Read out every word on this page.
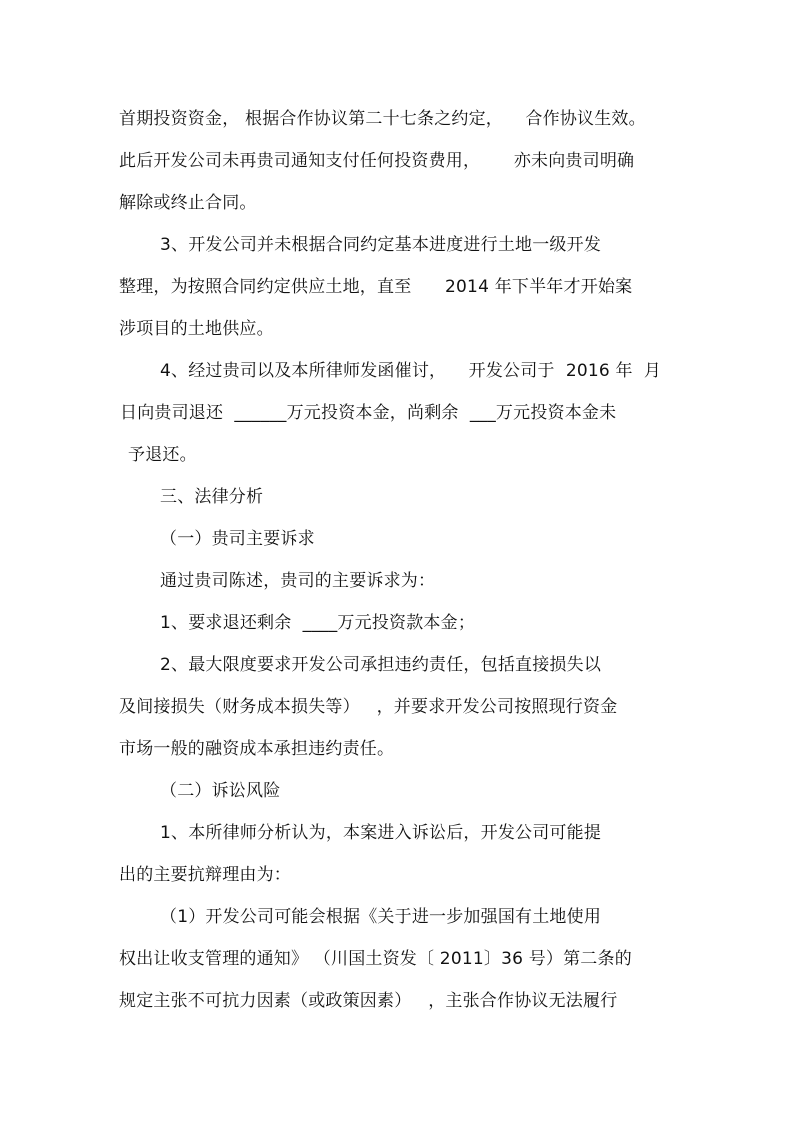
首期投资资金， 根据合作协议第二十七条之约定，    合作协议生效。
此后开发公司未再贵司通知支付任何投资费用，      亦未向贵司明确
解除或终止合同。
3、开发公司并未根据合同约定基本进度进行土地一级开发
整理，为按照合同约定供应土地，直至      2014 年下半年才开始案
涉项目的土地供应。
4、经过贵司以及本所律师发函催讨，    开发公司于  2016 年  月
日向贵司退还  ______万元投资本金，尚剩余  ___万元投资本金未
予退还。
三、法律分析
（一）贵司主要诉求
通过贵司陈述，贵司的主要诉求为：
1、要求退还剩余  ____万元投资款本金；
2、最大限度要求开发公司承担违约责任，包括直接损失以
及间接损失（财务成本损失等）   ，并要求开发公司按照现行资金
市场一般的融资成本承担违约责任。
（二）诉讼风险
1、本所律师分析认为，本案进入诉讼后，开发公司可能提
出的主要抗辩理由为：
（1）开发公司可能会根据《关于进一步加强国有土地使用
权出让收支管理的通知》 （川国土资发〔 2011〕36 号）第二条的
规定主张不可抗力因素（或政策因素）   ，主张合作协议无法履行
